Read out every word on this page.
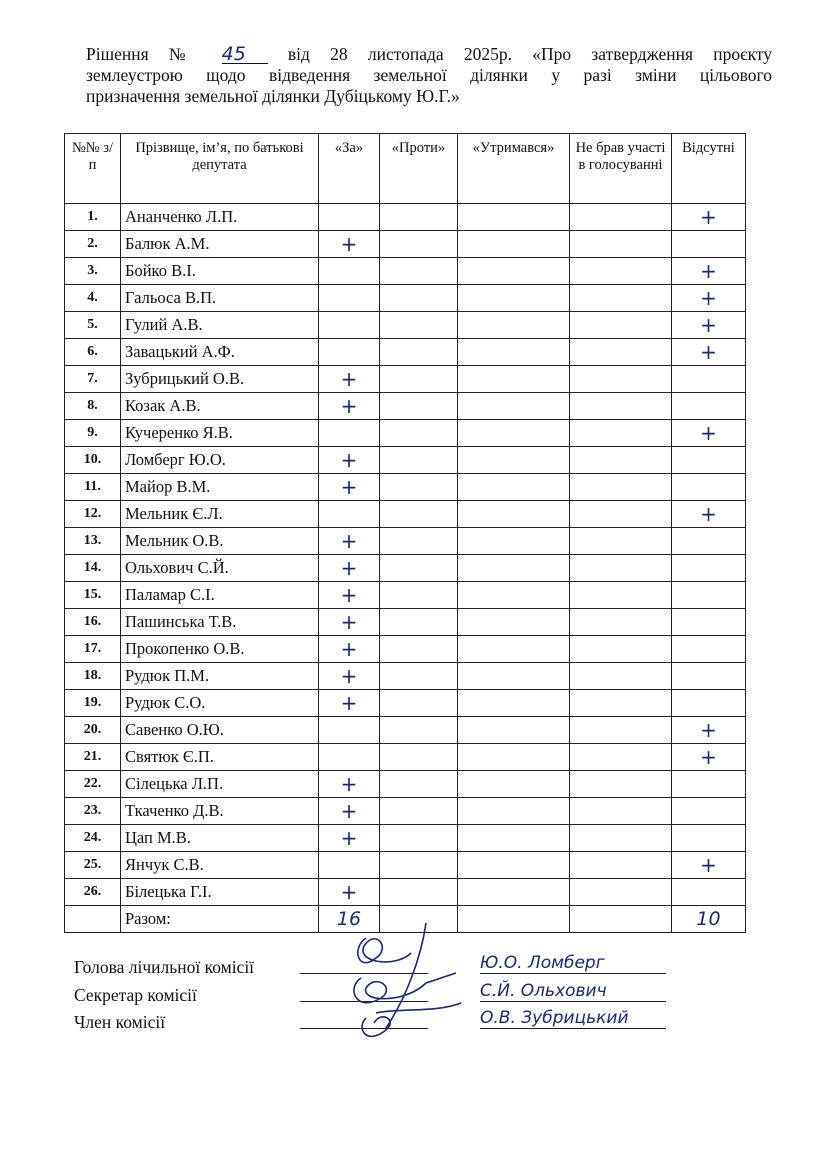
Рішення № 45 від 28 листопада 2025р. «Про затвердження проєкту
землеустрою щодо відведення земельної ділянки у разі зміни цільового
призначення земельної ділянки Дубіцькому Ю.Г.»
№№ з/п	Прізвище, ім’я, по батькові депутата	«За»	«Проти»	«Утримався»	Не брав участі в голосуванні	Відсутні
1.	Ананченко Л.П.					+
2.	Балюк А.М.	+				
3.	Бойко В.І.					+
4.	Гальоса В.П.					+
5.	Гулий А.В.					+
6.	Завацький А.Ф.					+
7.	Зубрицький О.В.	+				
8.	Козак А.В.	+				
9.	Кучеренко Я.В.					+
10.	Ломберг Ю.О.	+				
11.	Майор В.М.	+				
12.	Мельник Є.Л.					+
13.	Мельник О.В.	+				
14.	Ольхович С.Й.	+				
15.	Паламар С.І.	+				
16.	Пашинська Т.В.	+				
17.	Прокопенко О.В.	+				
18.	Рудюк П.М.	+				
19.	Рудюк С.О.	+				
20.	Савенко О.Ю.					+
21.	Святюк Є.П.					+
22.	Сілецька Л.П.	+				
23.	Ткаченко Д.В.	+				
24.	Цап М.В.	+				
25.	Янчук С.В.					+
26.	Білецька Г.І.	+				
	Разом:	16				10
Голова лічильної комісії
Секретар комісії
Член комісії
Ю.О. Ломберг
С.Й. Ольхович
О.В. Зубрицький
